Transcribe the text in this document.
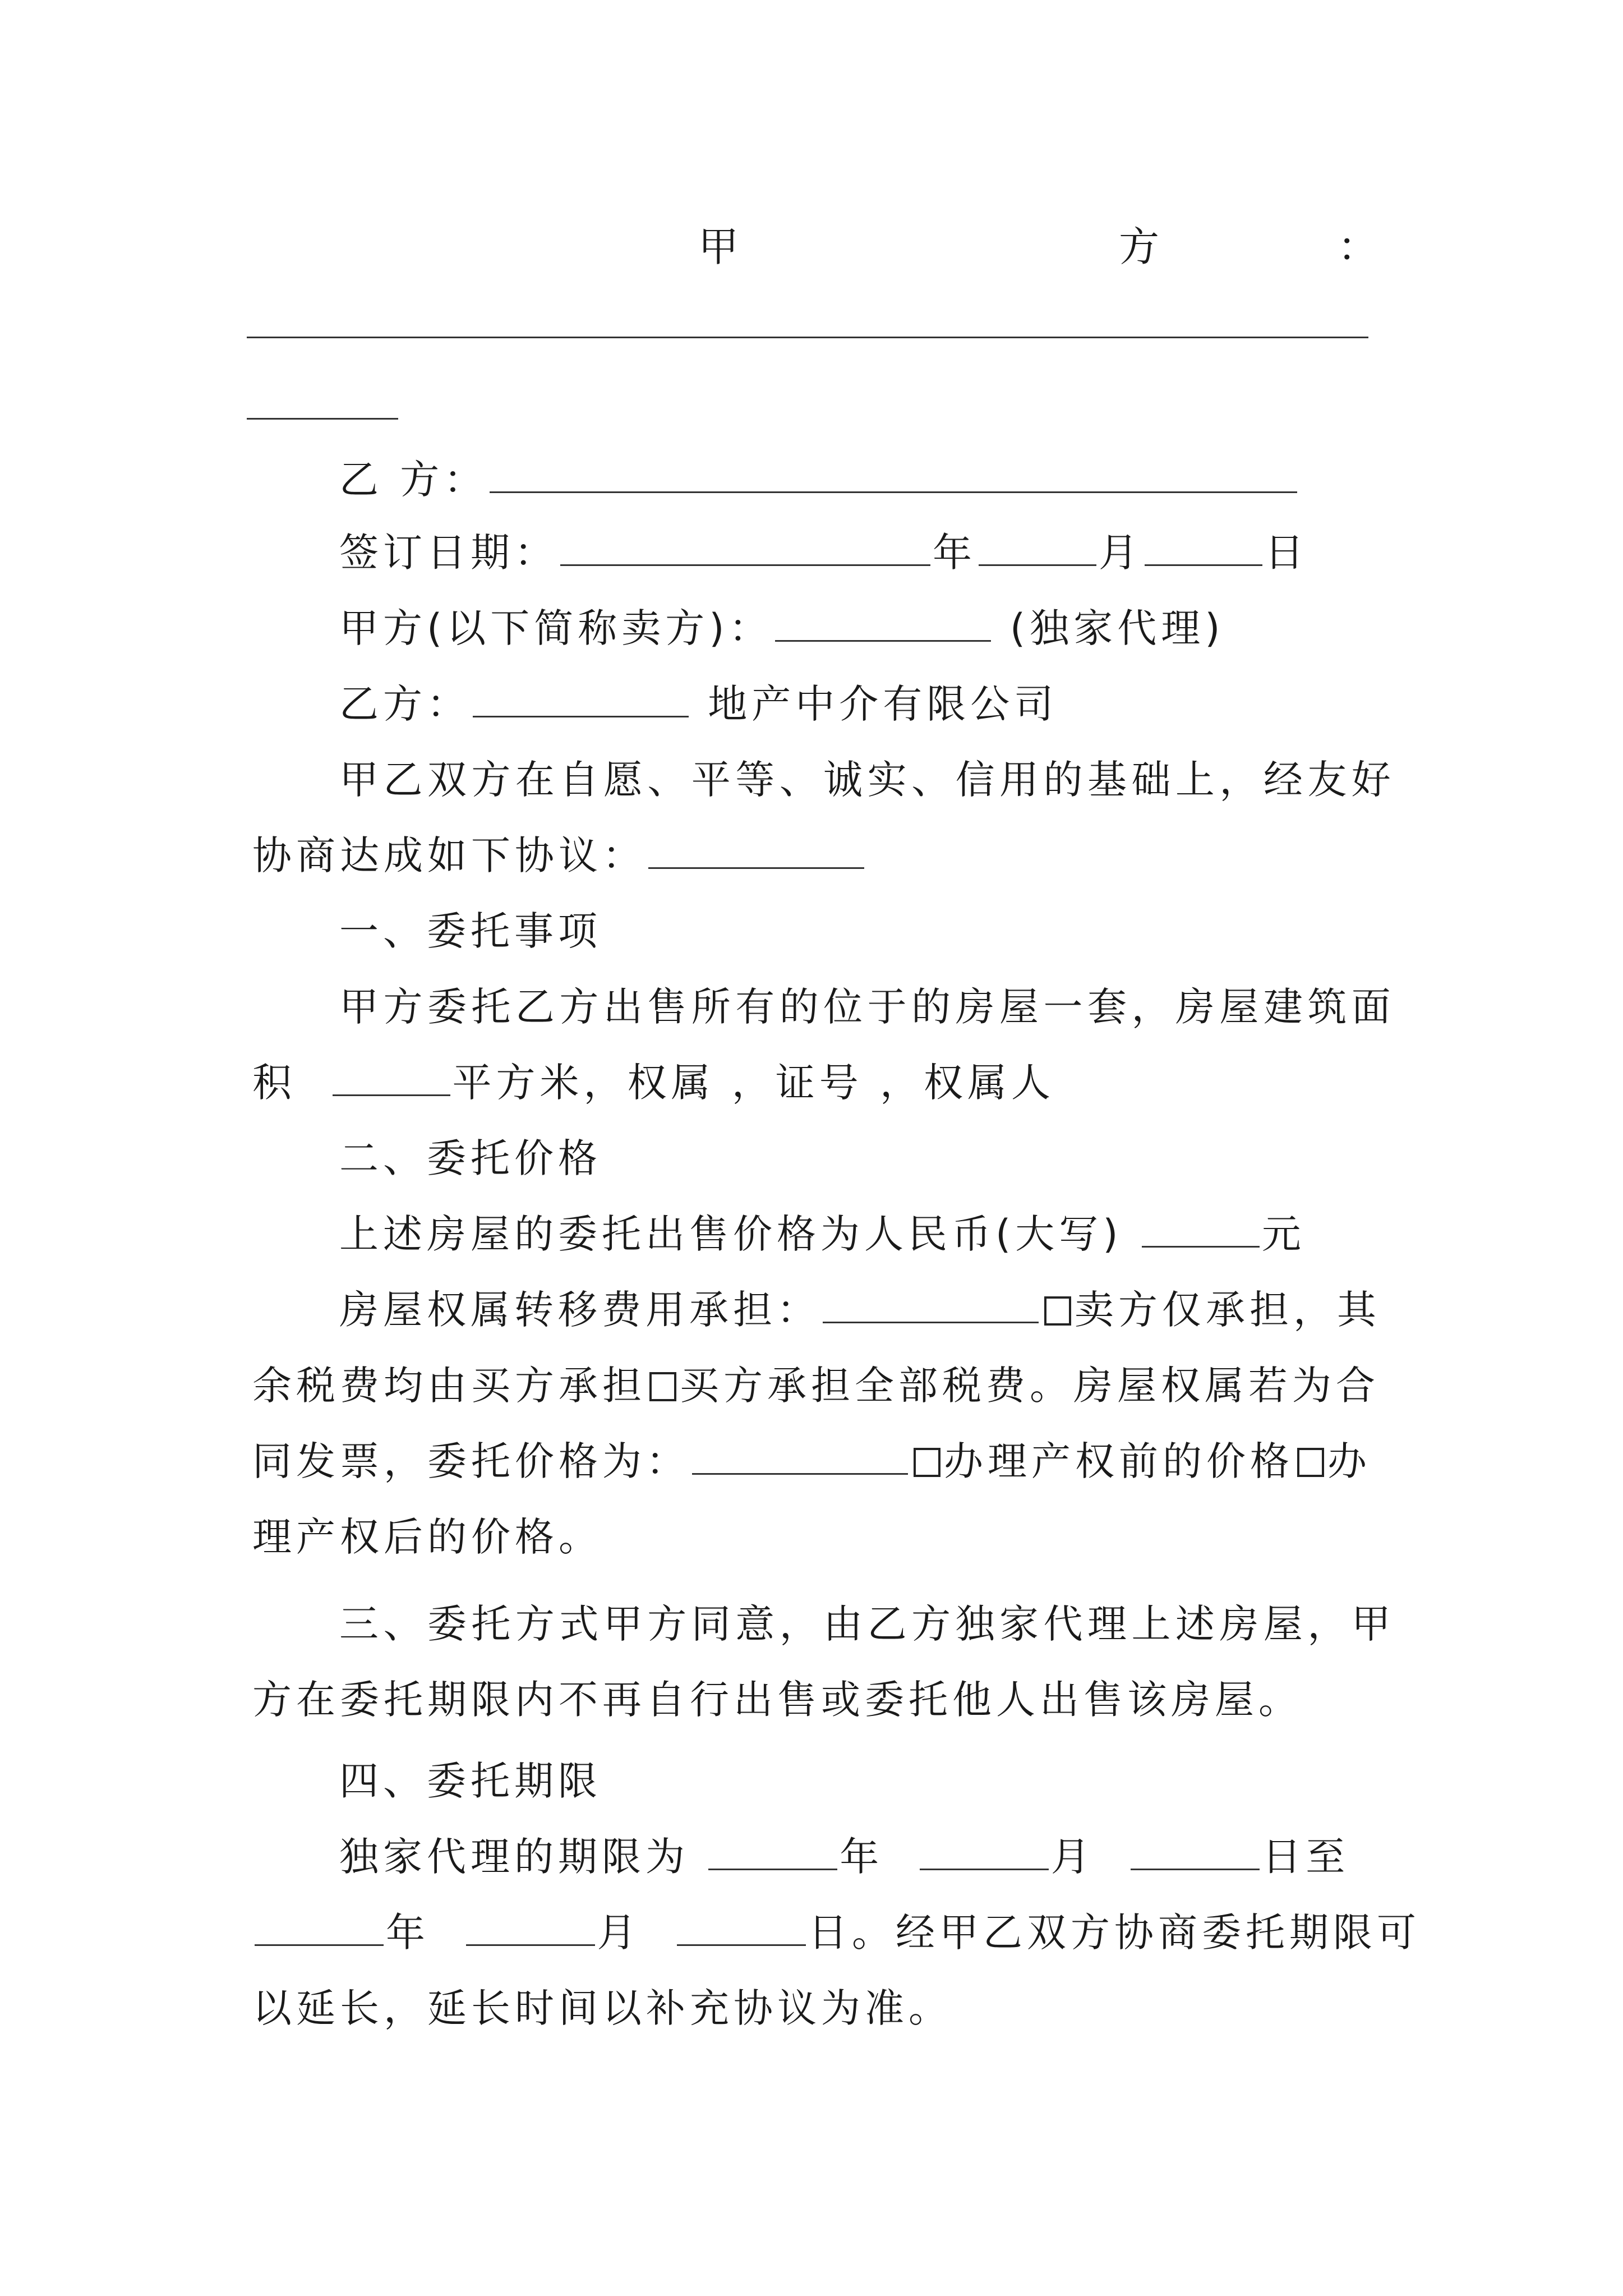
甲	方	：
乙 方：
签订日期：	年	月	日
甲方(以下简称卖方)：	(独家代理)
乙方：	地产中介有限公司
甲 乙 双 方 在 自 愿 、 平 等 、 诚 实 、 信 用 的 基 础 上 ， 经 友 好
协商达成如下协议：
一、委托事项
甲 方 委 托 乙 方 出 售 所 有 的 位 于 的 房 屋 一 套 ， 房 屋 建 筑 面
积	平方米，权属 ，证号 ，权属人
二、委托价格
上述房屋的委托出售价格为人民币(大写)	元
房屋权属转移费用承担：	卖方仅承担，其
余税费均由买方承担 买方承担全部税费。房屋权属若为合
同发票，委托价格为：	办理产权前的价格 办
理产权后的价格。
三 、 委 托 方 式 甲 方 同 意 ， 由 乙 方 独 家 代 理 上 述 房 屋 ， 甲
方在委托期限内不再自行出售或委托他人出售该房屋。
四、委托期限
独家代理的期限为	年	月	日至
年	月	日。经甲乙双方协商委托期限可
以延长，延长时间以补充协议为准。
